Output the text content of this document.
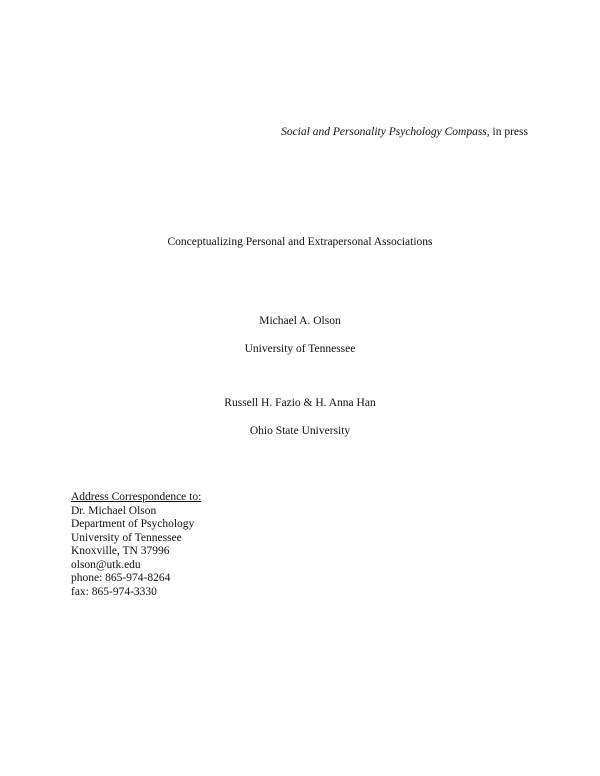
Social and Personality Psychology Compass, in press
Conceptualizing Personal and Extrapersonal Associations
Michael A. Olson
University of Tennessee
Russell H. Fazio & H. Anna Han
Ohio State University
Address Correspondence to:
Dr. Michael Olson
Department of Psychology
University of Tennessee
Knoxville, TN 37996
olson@utk.edu
phone: 865-974-8264
fax: 865-974-3330
